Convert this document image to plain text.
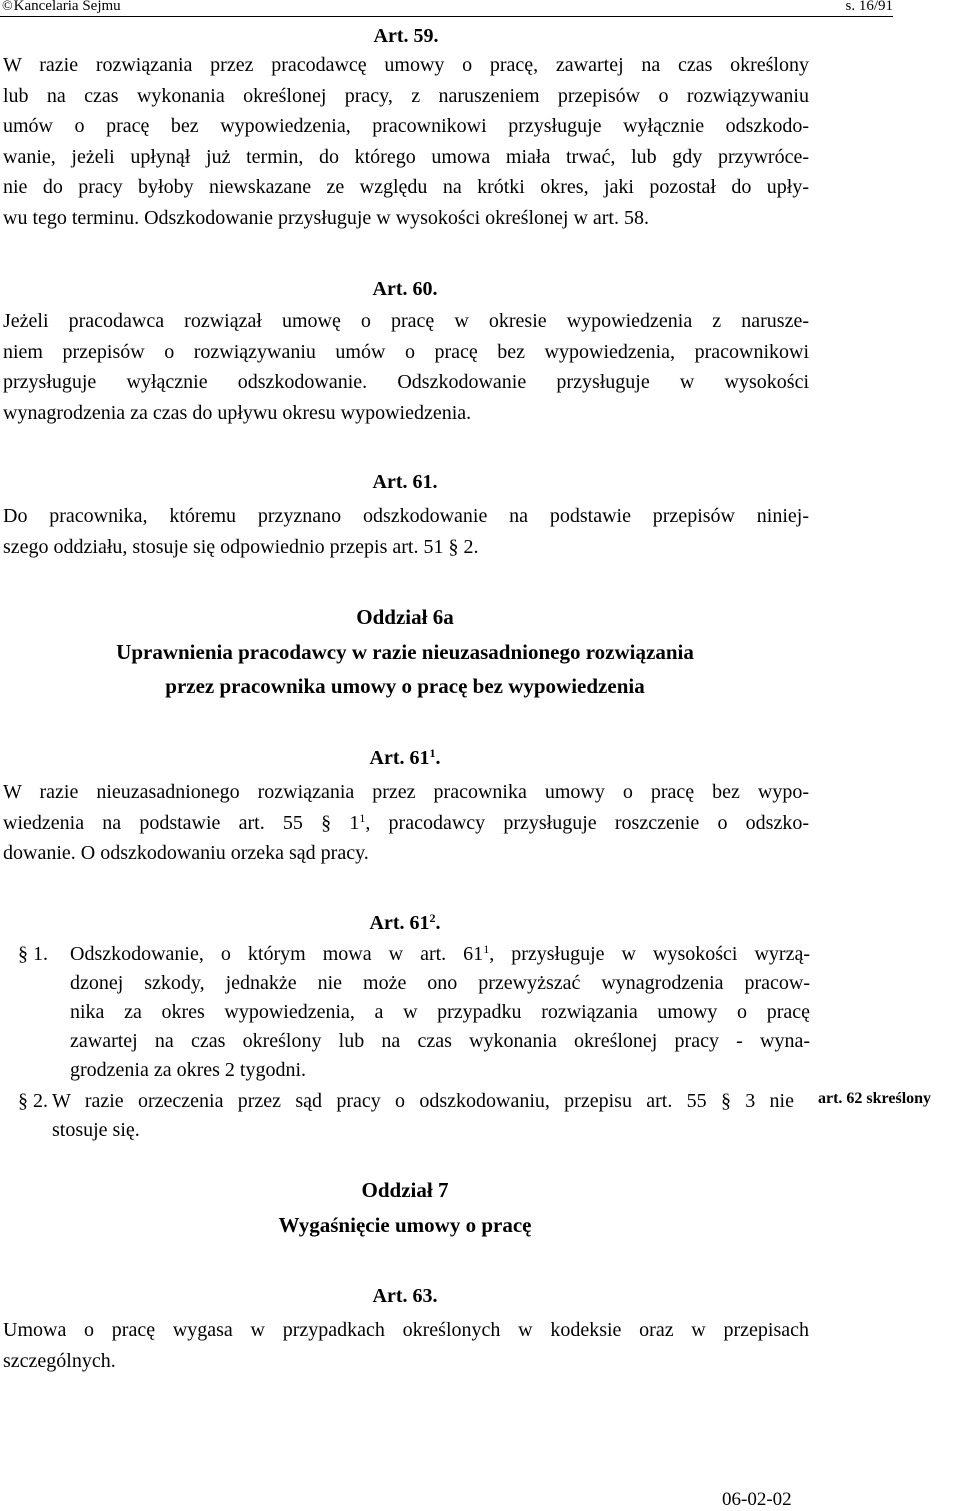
©Kancelaria Sejmu	s. 16/91
Art. 59.
W razie rozwiązania przez pracodawcę umowy o pracę, zawartej na czas określony
lub na czas wykonania określonej pracy, z naruszeniem przepisów o rozwiązywaniu
umów o pracę bez wypowiedzenia, pracownikowi przysługuje wyłącznie odszkodo-
wanie, jeżeli upłynął już termin, do którego umowa miała trwać, lub gdy przywróce-
nie do pracy byłoby niewskazane ze względu na krótki okres, jaki pozostał do upły-
wu tego terminu. Odszkodowanie przysługuje w wysokości określonej w art. 58.
Art. 60.
Jeżeli pracodawca rozwiązał umowę o pracę w okresie wypowiedzenia z narusze-
niem przepisów o rozwiązywaniu umów o pracę bez wypowiedzenia, pracownikowi
przysługuje wyłącznie odszkodowanie. Odszkodowanie przysługuje w wysokości
wynagrodzenia za czas do upływu okresu wypowiedzenia.
Art. 61.
Do pracownika, któremu przyznano odszkodowanie na podstawie przepisów niniej-
szego oddziału, stosuje się odpowiednio przepis art. 51 § 2.
Oddział 6a
Uprawnienia pracodawcy w razie nieuzasadnionego rozwiązania
przez pracownika umowy o pracę bez wypowiedzenia
Art. $61^1$.
W razie nieuzasadnionego rozwiązania przez pracownika umowy o pracę bez wypo-
wiedzenia na podstawie art. 55 § $1^1$, pracodawcy przysługuje roszczenie o odszko-
dowanie. O odszkodowaniu orzeka sąd pracy.
Art. $61^2$.
§ 1. Odszkodowanie, o którym mowa w art. $61^1$, przysługuje w wysokości wyrzą-
dzonej szkody, jednakże nie może ono przewyższać wynagrodzenia pracow-
nika za okres wypowiedzenia, a w przypadku rozwiązania umowy o pracę
zawartej na czas określony lub na czas wykonania określonej pracy - wyna-
grodzenia za okres 2 tygodni.
§ 2. W razie orzeczenia przez sąd pracy o odszkodowaniu, przepisu art. 55 § 3 nie
stosuje się.
art. 62 skreślony
Oddział 7
Wygaśnięcie umowy o pracę
Art. 63.
Umowa o pracę wygasa w przypadkach określonych w kodeksie oraz w przepisach
szczególnych.
06-02-02
